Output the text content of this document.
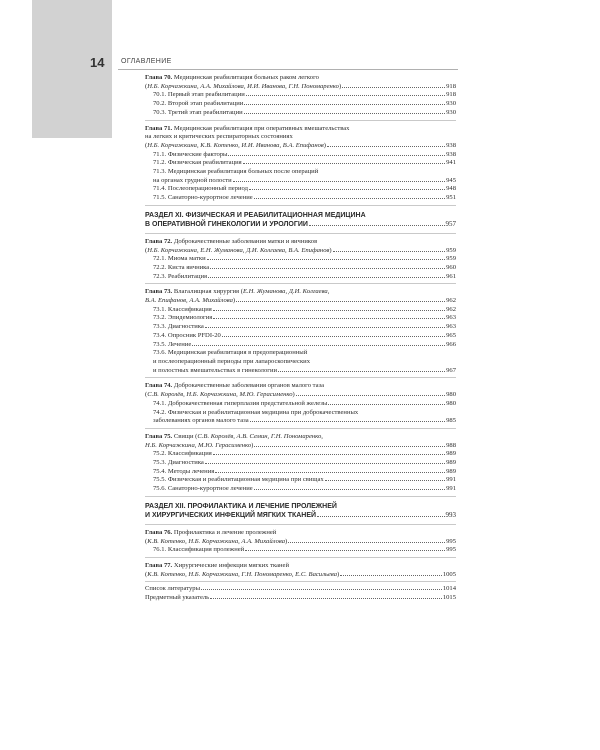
14 ОГЛАВЛЕНИЕ
Глава 70. Медицинская реабилитация больных раком легкого
( Н.Б. Корчажкина, А.А. Михайлова, И.И. Иванова, Г.Н. Пономаренко )	918
70.1. Первый этап реабилитации	918
70.2. Второй этап реабилитации	930
70.3. Третий этап реабилитации	930
Глава 71. Медицинская реабилитация при оперативных вмешательствах
на легких и критических респираторных состояниях
( Н.Б. Корчажкина, К.В. Котенко, И.И. Иванова, В.А. Епифанов )	938
71.1. Физические факторы	938
71.2. Физическая реабилитация	941
71.3. Медицинская реабилитация больных после операций
на органах грудной полости	945
71.4. Послеоперационный период	948
71.5. Санаторно-курортное лечение	951
РАЗДЕЛ XI. ФИЗИЧЕСКАЯ И РЕАБИЛИТАЦИОННАЯ МЕДИЦИНА
В ОПЕРАТИВНОЙ ГИНЕКОЛОГИИ И УРОЛОГИИ	957
Глава 72. Доброкачественные заболевания матки и яичников
( Н.Б. Корчажкина, Е.Н. Жуманова, Д.И. Колгаева, В.А. Епифанов )	959
72.1. Миома матки	959
72.2. Киста яичника	960
72.3. Реабилитация	961
Глава 73. Влагалищная хирургия (Е.Н. Жуманова, Д.И. Колгаева,
В.А. Епифанов, А.А. Михайлова )	962
73.1. Классификация	962
73.2. Эпидемиология	963
73.3. Диагностика	963
73.4. Опросник PFDI-20	965
73.5. Лечение	966
73.6. Медицинская реабилитация в предоперационный
и послеоперационный периоды при лапароскопических
и полостных вмешательствах в гинекологии	967
Глава 74. Доброкачественные заболевания органов малого таза
( С.В. Королёв, Н.Б. Корчажкина, М.Ю. Герасименко )	980
74.1. Доброкачественная гиперплазия предстательной железы	980
74.2. Физическая и реабилитационная медицина при доброкачественных
заболеваниях органов малого таза	985
Глава 75. Свищи (С.В. Королёв, А.В. Семин, Г.Н. Пономаренко,
Н.Б. Корчажкина, М.Ю. Герасименко )	988
75.2. Классификация	989
75.3. Диагностика	989
75.4. Методы лечения	989
75.5. Физическая и реабилитационная медицина при свищах	991
75.6. Санаторно-курортное лечение	991
РАЗДЕЛ XII. ПРОФИЛАКТИКА И ЛЕЧЕНИЕ ПРОЛЕЖНЕЙ
И ХИРУРГИЧЕСКИХ ИНФЕКЦИЙ МЯГКИХ ТКАНЕЙ	993
Глава 76. Профилактика и лечение пролежней
( К.В. Котенко, Н.Б. Корчажкина, А.А. Михайлова )	995
76.1. Классификация пролежней	995
Глава 77. Хирургические инфекции мягких тканей
( К.В. Котенко, Н.Б. Корчажкина, Г.Н. Пономаренко, Е.С. Васильева )	1005
Список литературы	1014
Предметный указатель	1015
